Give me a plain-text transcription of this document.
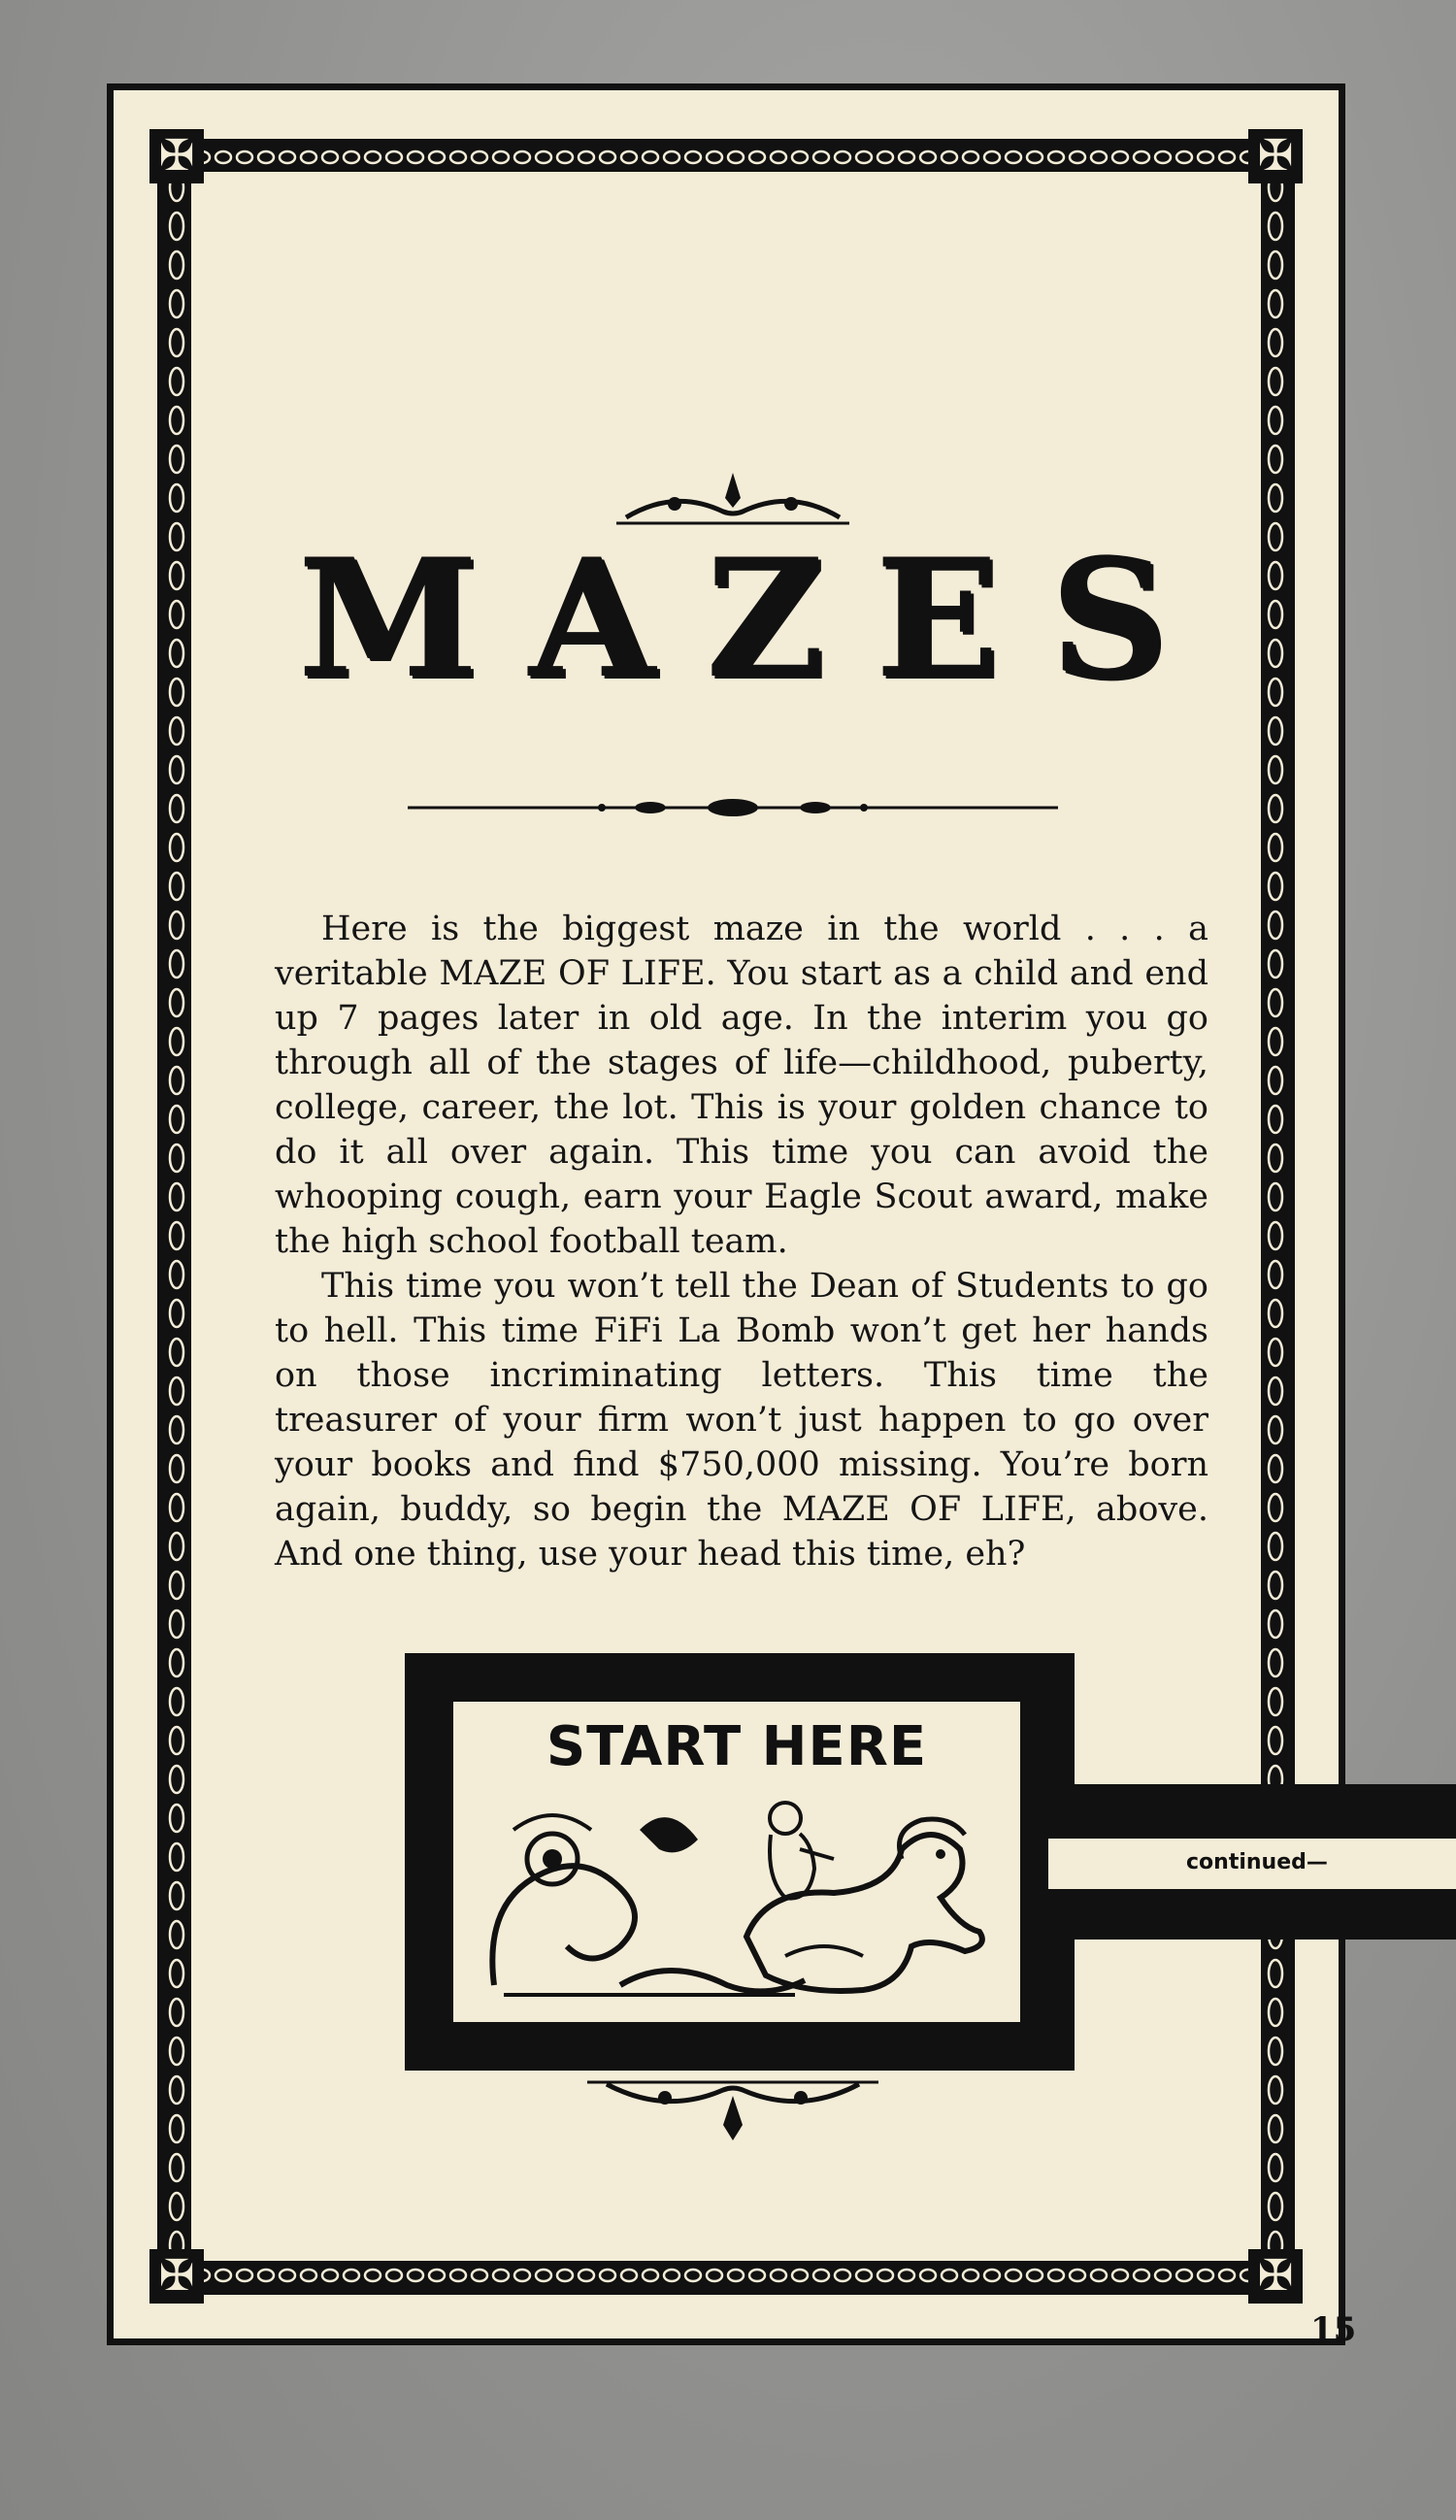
✠	✠
✠	✠
MAZES

Here is the biggest maze in the world . . . a veritable MAZE OF LIFE. You start as a child and end up 7 pages later in old age. In the interim you go through all of the stages of life—childhood, puberty, college, career, the lot. This is your golden chance to do it all over again. This time you can avoid the whooping cough, earn your Eagle Scout award, make the high school football team.

This time you won’t tell the Dean of Students to go to hell. This time FiFi La Bomb won’t get her hands on those incriminating letters. This time the treasurer of your firm won’t just happen to go over your books and find $750,000 missing. You’re born again, buddy, so begin the MAZE OF LIFE, above. And one thing, use your head this time, eh?

START HERE
continued—
15
